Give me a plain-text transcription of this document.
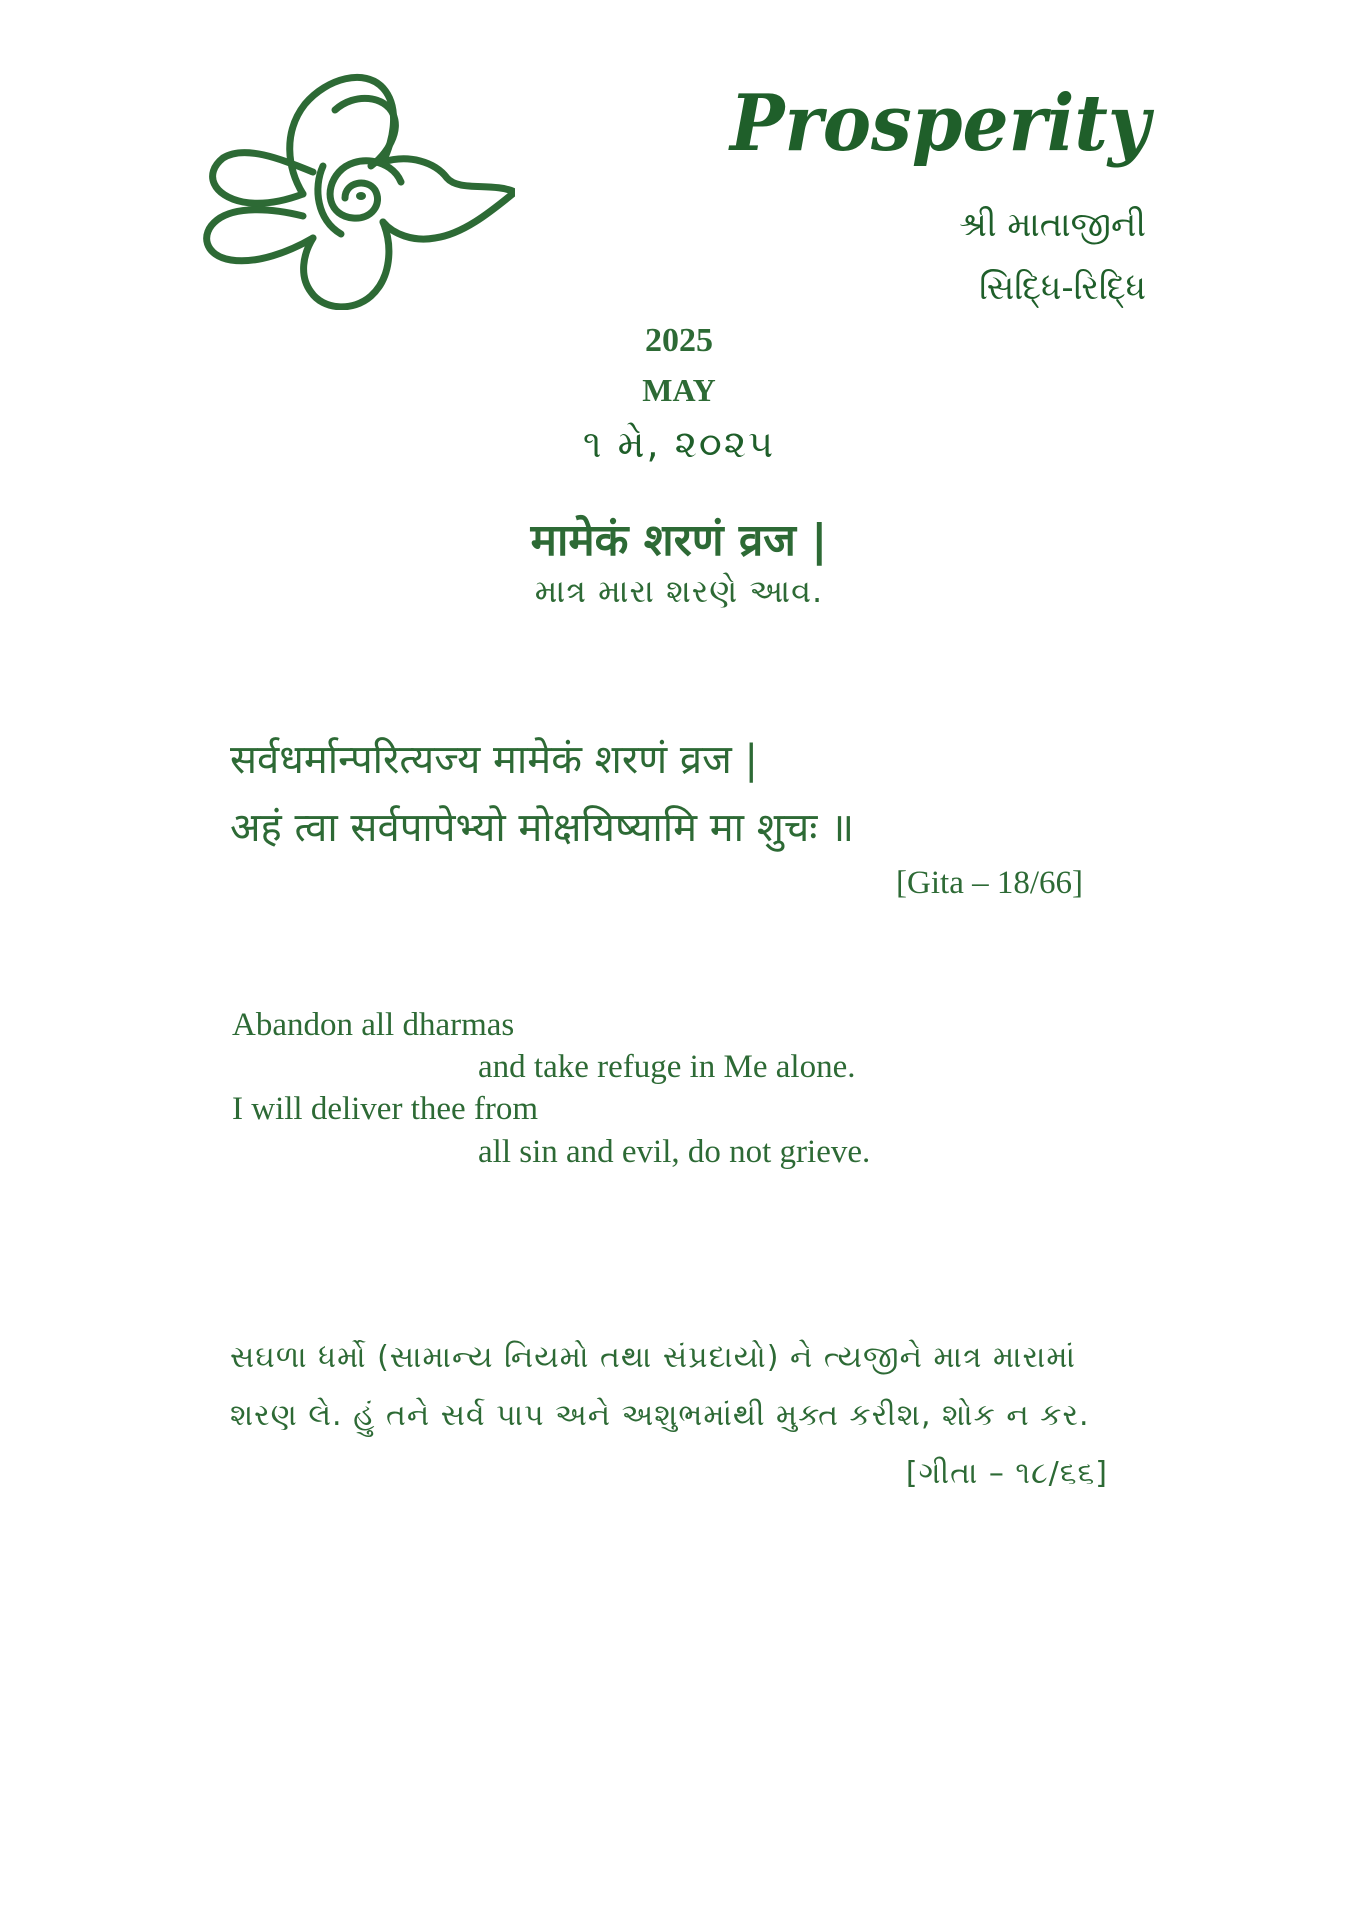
Prosperity
શ્રી માતાજીની
સિદ્ધિ-રિદ્ધિ
2025
MAY
૧ મે, ૨૦૨૫
मामेकं शरणं व्रज |
માત્ર મારા શરણે આવ.
सर्वधर्मान्परित्यज्य मामेकं शरणं व्रज |
अहं त्वा सर्वपापेभ्यो मोक्षयिष्यामि मा शुचः ॥
[Gita – 18/66]
Abandon all dharmas
and take refuge in Me alone.
I will deliver thee from
all sin and evil, do not grieve.
સઘળા ધર્મો (સામાન્ય નિયમો તથા સંપ્રદાયો) ને ત્યજીને માત્ર મારામાં
શરણ લે. હું તને સર્વ પાપ અને અશુભમાંથી મુક્ત કરીશ, શોક ન કર.
[ગીતા – ૧૮/૬૬]
